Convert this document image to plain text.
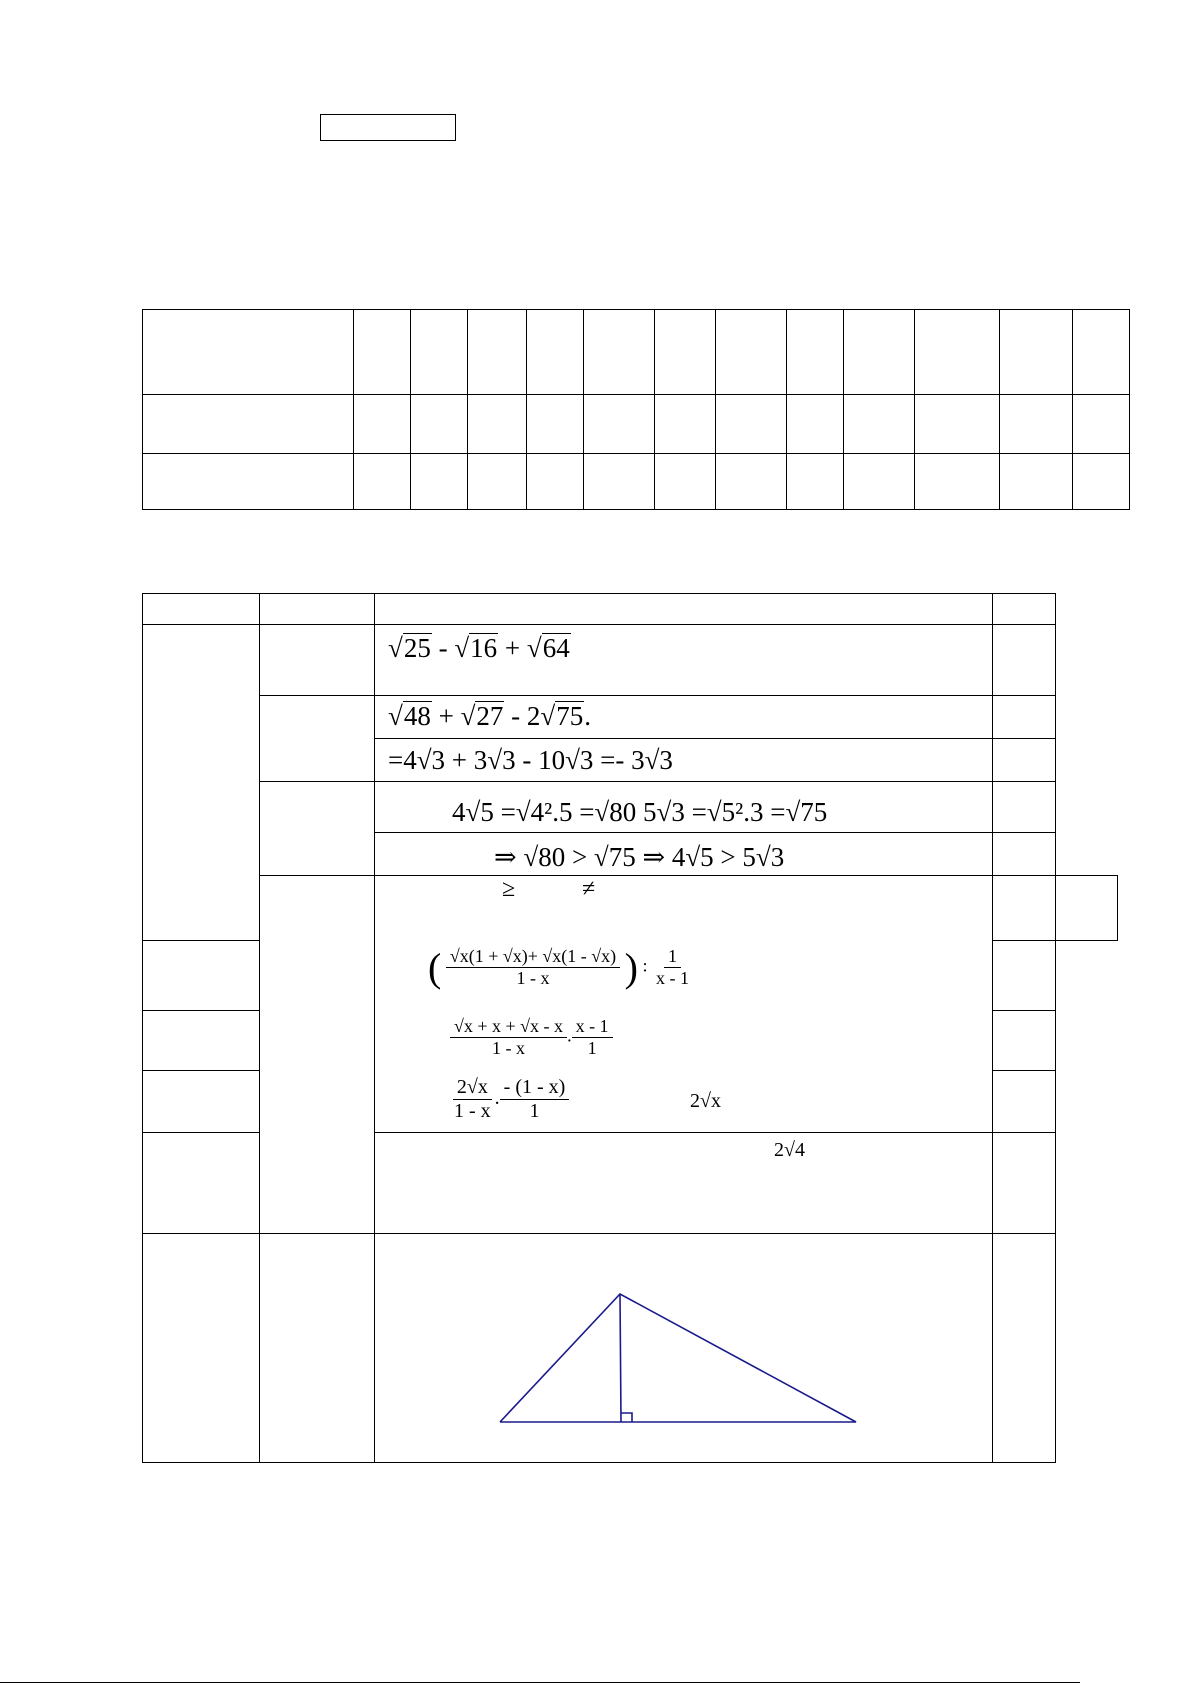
√25 - √16 + √64
√48 + √27 - 2√75.
=4√3 + 3√3 - 10√3 =- 3√3
4√5 =√4².5 =√80 5√3 =√5².3 =√75
⇒ √80 > √75 ⇒ 4√5 > 5√3
≥	≠
( $\frac{√x(1 + √x)+ √x(1 - √x)}{1 - x}$ ) : $\frac{1}{x - 1}$
$\frac{√x + x + √x - x}{1 - x}$ . $\frac{x - 1}{1}$
$\frac{2√x}{1 - x}$ . $\frac{- (1 - x)}{1}$	2√x
2√4
